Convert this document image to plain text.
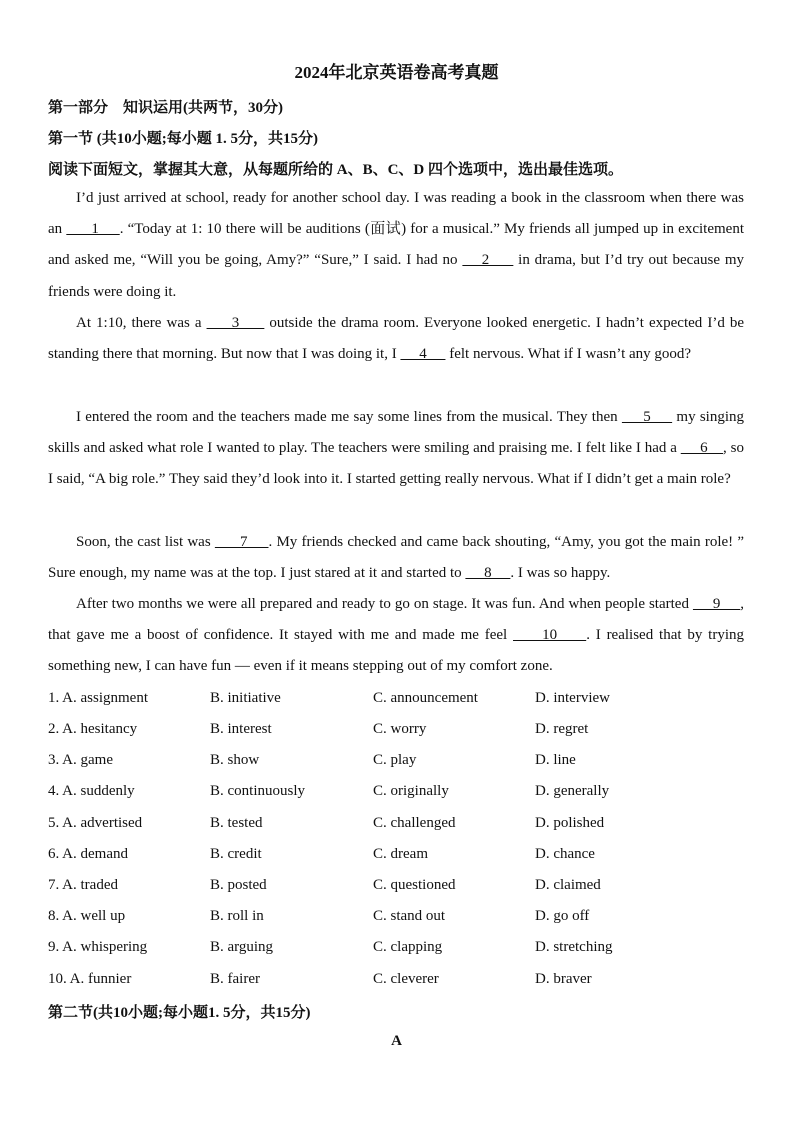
2024年北京英语卷高考真题
第一部分　知识运用(共两节，30分)
第一节 (共10小题;每小题 1. 5分，共15分)
阅读下面短文，掌握其大意，从每题所给的 A、B、C、D 四个选项中，选出最佳选项。

I’d just arrived at school, ready for another school day. I was reading a book in the classroom when there was an       1     . “Today at 1: 10 there will be auditions (面试) for a musical.” My friends all jumped up in excitement and asked me, “Will you be going, Amy?” “Sure,” I said. I had no     2      in drama, but I’d try out because my friends were doing it.

At 1:10, there was a      3      outside the drama room. Everyone looked energetic. I hadn’t expected I’d be standing there that morning. But now that I was doing it, I      4      felt nervous. What if I wasn’t any good?

I entered the room and the teachers made me say some lines from the musical. They then      5      my singing skills and asked what role I wanted to play. The teachers were smiling and praising me. I felt like I had a      6    , so I said, “A big role.” They said they’d look into it. I started getting really nervous. What if I didn’t get a main role?

Soon, the cast list was       7     . My friends checked and came back shouting, “Amy, you got the main role! ” Sure enough, my name was at the top. I just stared at it and started to      8     . I was so happy.

After two months we were all prepared and ready to go on stage. It was fun. And when people started      9     , that gave me a boost of confidence. It stayed with me and made me feel      10     . I realised that by trying something new, I can have fun — even if it means stepping out of my comfort zone.

1. A. assignment	B. initiative	C. announcement	D. interview
2. A. hesitancy	B. interest	C. worry	D. regret
3. A. game	B. show	C. play	D. line
4. A. suddenly	B. continuously	C. originally	D. generally
5. A. advertised	B. tested	C. challenged	D. polished
6. A. demand	B. credit	C. dream	D. chance
7. A. traded	B. posted	C. questioned	D. claimed
8. A. well up	B. roll in	C. stand out	D. go off
9. A. whispering	B. arguing	C. clapping	D. stretching
10. A. funnier	B. fairer	C. cleverer	D. braver
第二节(共10小题;每小题1. 5分，共15分)
A
